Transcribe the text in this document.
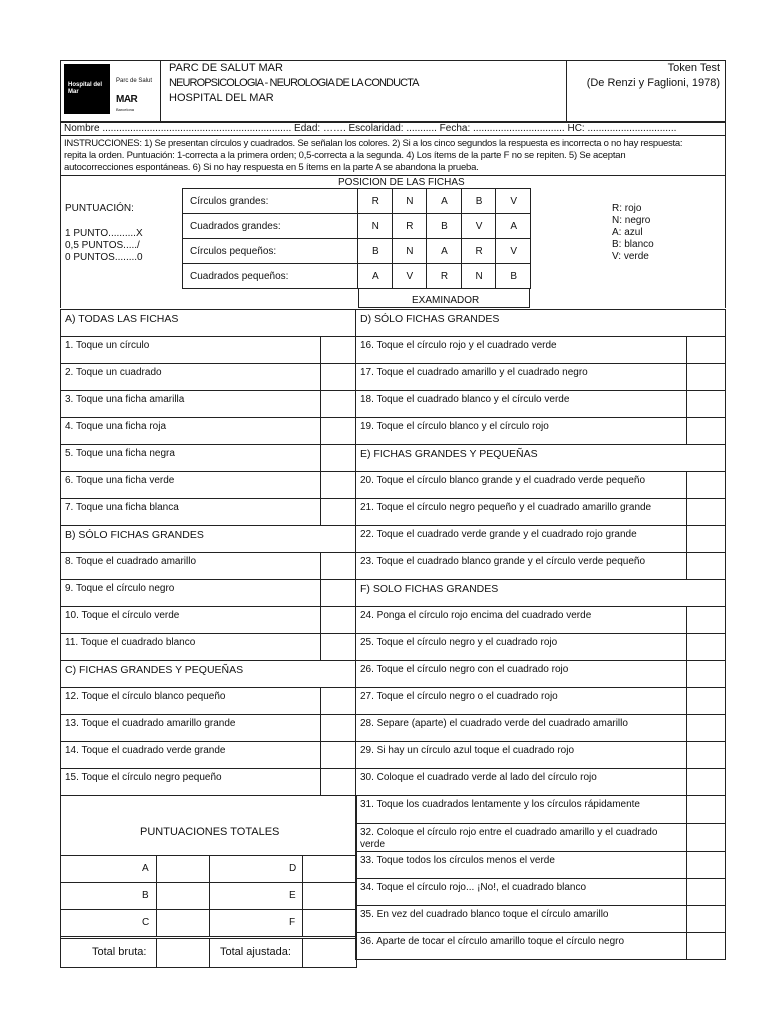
Hospital del Mar
Parc de Salut
MAR
Barcelona
PARC DE SALUT MAR
NEUROPSICOLOGIA - NEUROLOGIA DE LA CONDUCTA
HOSPITAL DEL MAR
Token Test
(De Renzi y Faglioni, 1978)
Nombre .................................................................... Edad: ……. Escolaridad: ........... Fecha: ................................. HC: ................................
INSTRUCCIONES: 1) Se presentan círculos y cuadrados. Se señalan los colores. 2) Si a los cinco segundos la respuesta es incorrecta o no hay respuesta:
repita la orden. Puntuación: 1-correcta a la primera orden; 0,5-correcta a la segunda. 4) Los ítems de la parte F no se repiten. 5) Se aceptan
autocorrecciones espontáneas. 6) Si no hay respuesta en 5 ítems en la parte A se abandona la prueba.
POSICION DE LAS FICHAS
PUNTUACIÓN:
1 PUNTO..........X
0,5 PUNTOS...../
0 PUNTOS........0
Círculos grandes:	R	N	A	B	V
Cuadrados grandes:	N	R	B	V	A
Círculos pequeños:	B	N	A	R	V
Cuadrados pequeños:	A	V	R	N	B
EXAMINADOR
R: rojo
N: negro
A: azul
B: blanco
V: verde
A) TODAS LAS FICHAS
1. Toque un círculo
2. Toque un cuadrado
3. Toque una ficha amarilla
4. Toque una ficha roja
5. Toque una ficha negra
6. Toque una ficha verde
7. Toque una ficha blanca
B) SÓLO FICHAS GRANDES
8. Toque el cuadrado amarillo
9. Toque el círculo negro
10. Toque el círculo verde
11. Toque el cuadrado blanco
C) FICHAS GRANDES Y PEQUEÑAS
12. Toque el círculo blanco pequeño
13. Toque el cuadrado amarillo grande
14. Toque el cuadrado verde grande
15. Toque el círculo negro pequeño
D) SÓLO FICHAS GRANDES
16. Toque el círculo rojo y el cuadrado verde
17. Toque el cuadrado amarillo y el cuadrado negro
18. Toque el cuadrado blanco y el círculo verde
19. Toque el círculo blanco y el círculo rojo
E) FICHAS GRANDES Y PEQUEÑAS
20. Toque el círculo blanco grande y el cuadrado verde pequeño
21. Toque el círculo negro pequeño y el cuadrado amarillo grande
22. Toque el cuadrado verde grande y el cuadrado rojo grande
23. Toque el cuadrado blanco grande y el círculo verde pequeño
F) SOLO FICHAS GRANDES
24. Ponga el círculo rojo encima del cuadrado verde
25. Toque el círculo negro y el cuadrado rojo
26. Toque el círculo negro con el cuadrado rojo
27. Toque el círculo negro o el cuadrado rojo
28. Separe (aparte) el cuadrado verde del cuadrado amarillo
29. Si hay un círculo azul toque el cuadrado rojo
30. Coloque el cuadrado verde al lado del círculo rojo
31. Toque los cuadrados lentamente y los círculos rápidamente
32. Coloque el círculo rojo entre el cuadrado amarillo y el cuadrado verde
33. Toque todos los círculos menos el verde
34. Toque el círculo rojo... ¡No!, el cuadrado blanco
35. En vez del cuadrado blanco toque el círculo amarillo
36. Aparte de tocar el círculo amarillo toque el círculo negro
PUNTUACIONES TOTALES
A	D
B	E
C	F
Total bruta:	Total ajustada:
